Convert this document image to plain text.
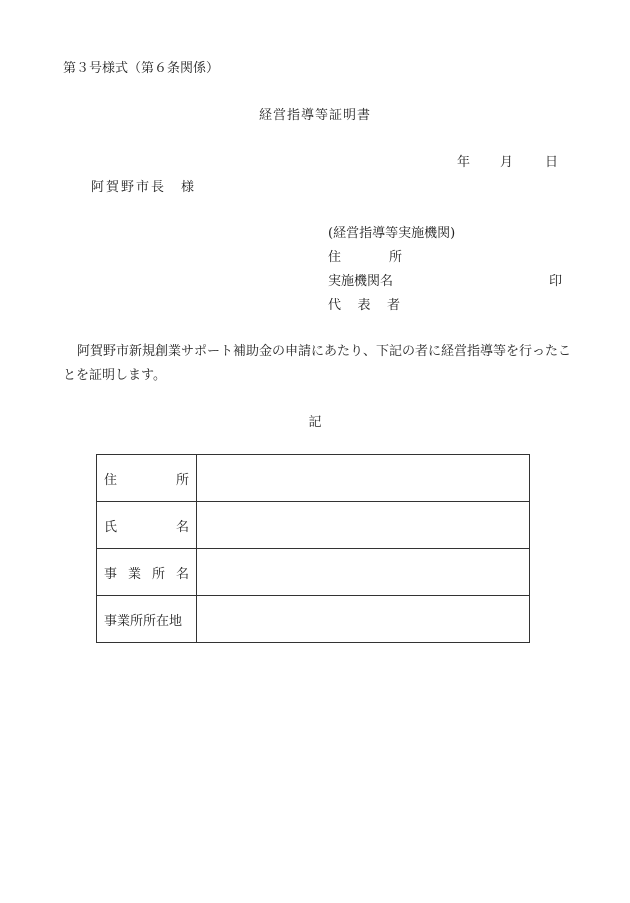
第３号様式（第６条関係）
経営指導等証明書
年 月 日
阿賀野市長　様
(経営指導等実施機関)
住	所
実施機関名	印
代 表 者
阿賀野市新規創業サポート補助金の申請にあたり、下記の者に経営指導等を行ったことを証明します。
記
住 所	

氏 名	

事 業 所 名	

事業所所在地	
